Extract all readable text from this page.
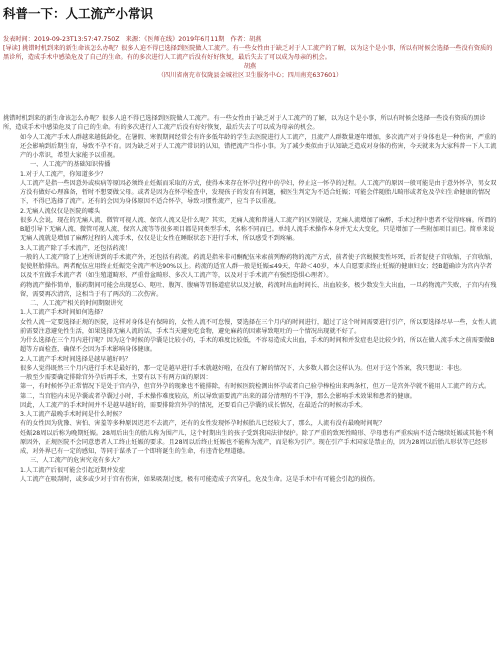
科普一下：人工流产小常识
发表时间：2019-09-23T13:57:47.750Z　来源：《医师在线》2019年6月11期　作者：胡燕

[导读] 挑错时机到来的新生命该怎么办呢？很多人迫不得已选择到医院做人工流产。有一些女性由于缺乏对于人工流产的了解，以为这个是小事，所以有时候会选择一些没有资质的黑诊所，造成手术中感染危及了自己的生命。有的多次进行人工流产后没有好好恢复，最后失去了可以成为母亲的机会。

胡燕

（四川省南充市仪陇县金城社区卫生服务中心；四川南充637601）

挑错时机到来的新生命该怎么办呢？很多人迫不得已选择到医院做人工流产。有一些女性由于缺乏对于人工流产的了解，以为这个是小事，所以有时候会选择一些没有资质的黑诊所，造成手术中感染危及了自己的生命。有的多次进行人工流产后没有好好恢复，最后失去了可以成为母亲的机会。

如今人工流产手术人群越来越低龄化，在暑假、寒假期间经常会有许多低年龄的学生去医院进行人工流产，且流产人群数量逐年增加，多次流产对于身体也是一种伤害，严重的还会影响到后期生育，导致不孕不育。因为缺乏对于人工流产常识的认知，错把流产当作小事。为了减少类似由于认知缺乏造成对身体的伤害，今天就来为大家科普一下人工流产的小常识，希望大家能予以重视。

一、人工流产的基础知识传播

1.对于人工流产，你知道多少？

人工流产是指一些因意外或疾病等原因必须终止妊娠而采取的方式，使得本来存在怀孕过程中的孕妇，停止这一怀孕的过程。人工流产的原因一般可能是由于意外怀孕，男女双方没有做好心理准备，暂时不想要做父母。或者是因为在怀孕检查中，发现孩子的发育有问题，被医生判定为不适合妊娠；可能会伴随胎儿畸形或者危及孕妇生命健康的情况下，不得已选择了流产。还有的会因为身体原因不适合怀孕，导致习惯性流产，应当予以重视。

2.无痛人流仅仅是医院的噱头

很多人会说，现在的无痛人流、微管可视人流、保宫人流又是什么呢？其实，无痛人流和普通人工流产的区别就是，无痛人流增加了麻醉，手术过程中患者不觉得疼痛。所谓的B超引导下无痛人流、微管可视人流、保宫人流等等很多项目都是同类型手术，名称不同而已。单纯人流手术操作本身并无太大变化，只是增加了一些附加项目而已。简单来说无痛人流就是增加了麻醉过程的人流手术，仅仅是让女性在睡眠状态下进行手术，所以感受不到疼痛。

3.人工流产除了手术流产，还包括药流！

一般的人工流产除了上述所讲到的手术流产外，还包括有药流。药流是指米非司酮配伍米索前列醇药物的流产方式，前者使子宫蜕膜变性坏死，后者促使子宫收缩，子宫收缩，促使胚胎排出。两者配伍应用终止妊娠完全流产率达90%以上。药流的适宜人群一般是妊娠≤49天，年龄＜40岁，本人自愿要求终止妊娠的健康妇女；经B超确诊为宫内孕者以及不宜做手术流产者（如生殖道畸形、严重骨盆畸形、多次人工流产等，以及对于手术流产有强烈恐惧心理者）。

药物流产操作简单，服药期间可能会出现恶心、呕吐、腹泻、腹痛等胃肠道症状以及过敏，药流时出血时间长、出血较多，极少数发生大出血，一旦药物流产失败，子宫内有残留，需要再次清宫，这相当于有了两次的二次伤害。

二、人工流产相关的时间期限讲究

1.人工流产手术时间如何选择？

女性人流一定要选择正规的医院，这样对身体是有保障的，女性人流不可怠慢，要选择在三个月内的时间进行，超过了这个时间需要进行引产，所以要选择尽早一些，女性人流前需要注意避免性生活，如果选择无痛人流的话，手术当天避免吃食物，避免麻药的因素导致呕吐的一个情况出现就不好了。

为什么选择在三个月内进行呢？因为这个时候的孕囊是比较小的，手术的难度比较低，不容易造成大出血，手术的时间和并发症也是比较少的，所以在做人流手术之前需要做B超等方面检查，确保不会因为手术影响身体健康。

2.人工流产手术时间选择是越早越好吗？

很多人觉得既然三个月内进行手术是最好的，那一定是越早进行手术就越好啦，在没有了解的情况下，大多数人都会这样认为。但对于这个答案，我只想说：非也。

一般至少需要确定排除宫外孕后再手术，主要有以下有两方面的原因：

第一，有时候怀孕正常情况下是处于宫内孕，但宫外孕的现象也不能排除，有时候医院检测出怀孕或者自己验孕棒检出来两条杠，但万一是宫外孕就不能用人工流产的方式。

第二，当宫腔内未见孕囊或者孕囊过小时，手术操作难度较高，所以导致需要流产出来的部分清理的不干净，那么会影响手术效果和患者的健康。

因此，人工流产的手术时间并不是越早越好的，需要排除宫外孕的情况，还要看自己孕囊的成长情况，在最适合的时候动手术。

3.人工流产最晚手术时间是什么时候？

有的女性因为犹豫、害怕、害羞等多种原因迟迟不去流产，还有的女性发现怀孕时候胎儿已经较大了，那么，人流有没有最晚时间呢？

妊娠28周以后称为晚期妊娠。28周后出生的胎儿称为围产儿，这个时期出生的孩子受到我国法律保护。除了严重的致死性畸形、孕母患有严重疾病不适合继续妊娠或其他不利原因外，正规医院不会同意患者人工终止妊娠的要求。且28周以后终止妊娠也不能称为流产，而是称为引产。现在引产手术国家是禁止的，因为28周以后胎儿形状等已经形成，对外界已有一定的感知，等同于谋杀了一个即将诞生的生命，有违背伦理道德。

三、人工流产的危害究竟有多大？

1.人工流产后很可能会引起近期并发症

人工流产在吸刮时，或多或少对于宫有伤害，如果吸刮过度，极有可能造成子宫穿孔，危及生命。这是手术中有可能会引起的损伤。
